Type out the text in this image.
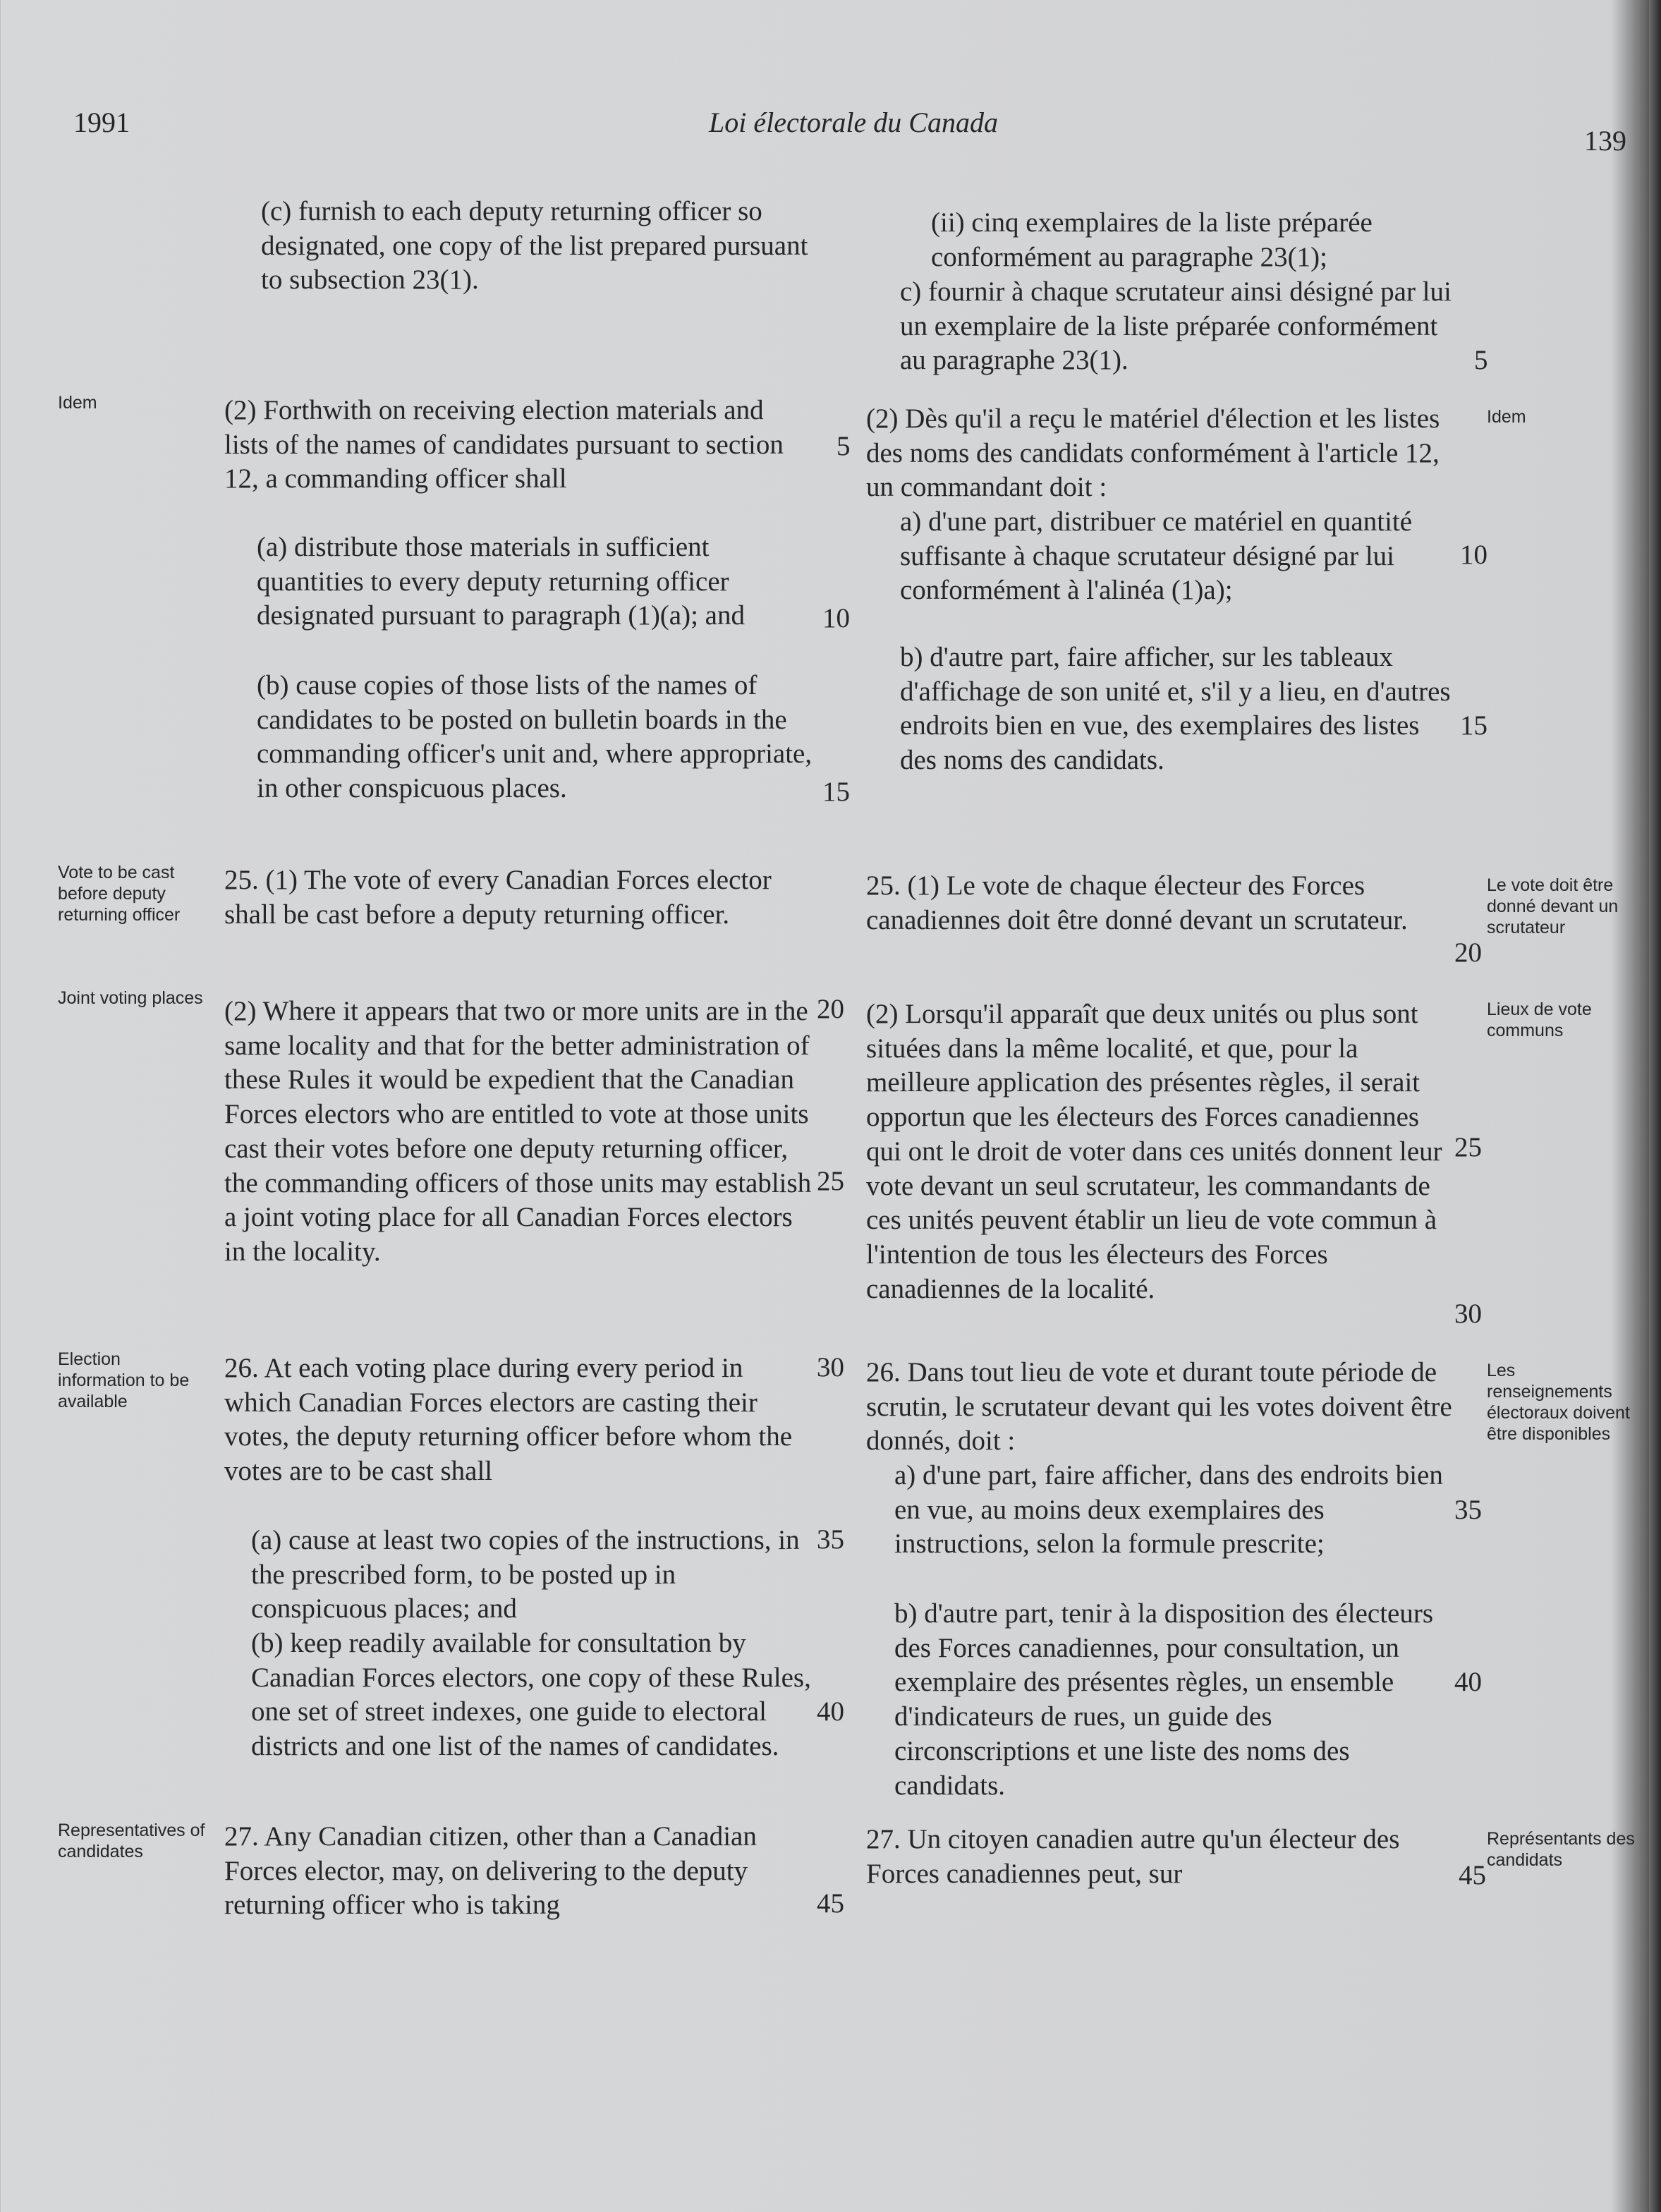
1991	Loi électorale du Canada
139
Idem
Vote to be cast before deputy returning officer
Joint voting places
Election information to be available
Representatives of candidates
Idem
Le vote doit être donné devant un scrutateur
Lieux de vote communs
Les renseignements électoraux doivent être disponibles
Représentants des candidats
(c) furnish to each deputy returning officer so designated, one copy of the list prepared pursuant to subsection 23(1).
(2) Forthwith on receiving election materials and lists of the names of candidates pursuant to section 12, a commanding officer shall
(a) distribute those materials in sufficient quantities to every deputy returning officer designated pursuant to paragraph (1)(a); and
(b) cause copies of those lists of the names of candidates to be posted on bulletin boards in the commanding officer's unit and, where appropriate, in other conspicuous places.
25. (1) The vote of every Canadian Forces elector shall be cast before a deputy returning officer.
(2) Where it appears that two or more units are in the same locality and that for the better administration of these Rules it would be expedient that the Canadian Forces electors who are entitled to vote at those units cast their votes before one deputy returning officer, the commanding officers of those units may establish a joint voting place for all Canadian Forces electors in the locality.
26. At each voting place during every period in which Canadian Forces electors are casting their votes, the deputy returning officer before whom the votes are to be cast shall
(a) cause at least two copies of the instructions, in the prescribed form, to be posted up in conspicuous places; and
(b) keep readily available for consultation by Canadian Forces electors, one copy of these Rules, one set of street indexes, one guide to electoral districts and one list of the names of candidates.
27. Any Canadian citizen, other than a Canadian Forces elector, may, on delivering to the deputy returning officer who is taking
5
10
15
20
25
30
35
40
45
(ii) cinq exemplaires de la liste préparée conformément au paragraphe 23(1);
c) fournir à chaque scrutateur ainsi désigné par lui un exemplaire de la liste préparée conformément au paragraphe 23(1).
(2) Dès qu'il a reçu le matériel d'élection et les listes des noms des candidats conformément à l'article 12, un commandant doit :
a) d'une part, distribuer ce matériel en quantité suffisante à chaque scrutateur désigné par lui conformément à l'alinéa (1)a);
b) d'autre part, faire afficher, sur les tableaux d'affichage de son unité et, s'il y a lieu, en d'autres endroits bien en vue, des exemplaires des listes des noms des candidats.
25. (1) Le vote de chaque électeur des Forces canadiennes doit être donné devant un scrutateur.
(2) Lorsqu'il apparaît que deux unités ou plus sont situées dans la même localité, et que, pour la meilleure application des présentes règles, il serait opportun que les électeurs des Forces canadiennes qui ont le droit de voter dans ces unités donnent leur vote devant un seul scrutateur, les commandants de ces unités peuvent établir un lieu de vote commun à l'intention de tous les électeurs des Forces canadiennes de la localité.
26. Dans tout lieu de vote et durant toute période de scrutin, le scrutateur devant qui les votes doivent être donnés, doit :
a) d'une part, faire afficher, dans des endroits bien en vue, au moins deux exemplaires des instructions, selon la formule prescrite;
b) d'autre part, tenir à la disposition des électeurs des Forces canadiennes, pour consultation, un exemplaire des présentes règles, un ensemble d'indicateurs de rues, un guide des circonscriptions et une liste des noms des candidats.
27. Un citoyen canadien autre qu'un électeur des Forces canadiennes peut, sur
5
10
15
20
25
30
35
40
45
